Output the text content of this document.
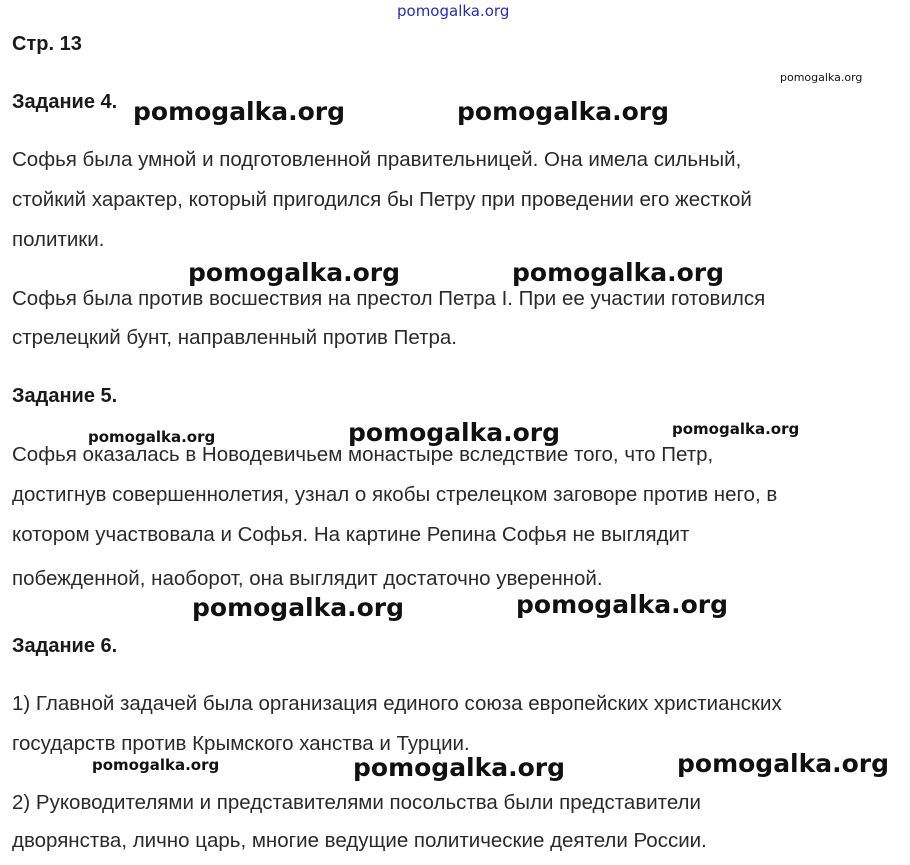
pomogalka.org
pomogalka.org
Стр. 13
Задание 4. pomogalka.org	pomogalka.org
Софья была умной и подготовленной правительницей. Она имела сильный,
стойкий характер, который пригодился бы Петру при проведении его жесткой
политики.
pomogalka.org	pomogalka.org
Софья была против восшествия на престол Петра I. При ее участии готовился
стрелецкий бунт, направленный против Петра.
Задание 5.
pomogalka.org	pomogalka.org	pomogalka.org
Софья оказалась в Новодевичьем монастыре вследствие того, что Петр,
достигнув совершеннолетия, узнал о якобы стрелецком заговоре против него, в
котором участвовала и Софья. На картине Репина Софья не выглядит
побежденной, наоборот, она выглядит достаточно уверенной.
pomogalka.org	pomogalka.org
Задание 6.
1) Главной задачей была организация единого союза европейских христианских
государств против Крымского ханства и Турции.
pomogalka.org	pomogalka.org	pomogalka.org
2) Руководителями и представителями посольства были представители
дворянства, лично царь, многие ведущие политические деятели России.
